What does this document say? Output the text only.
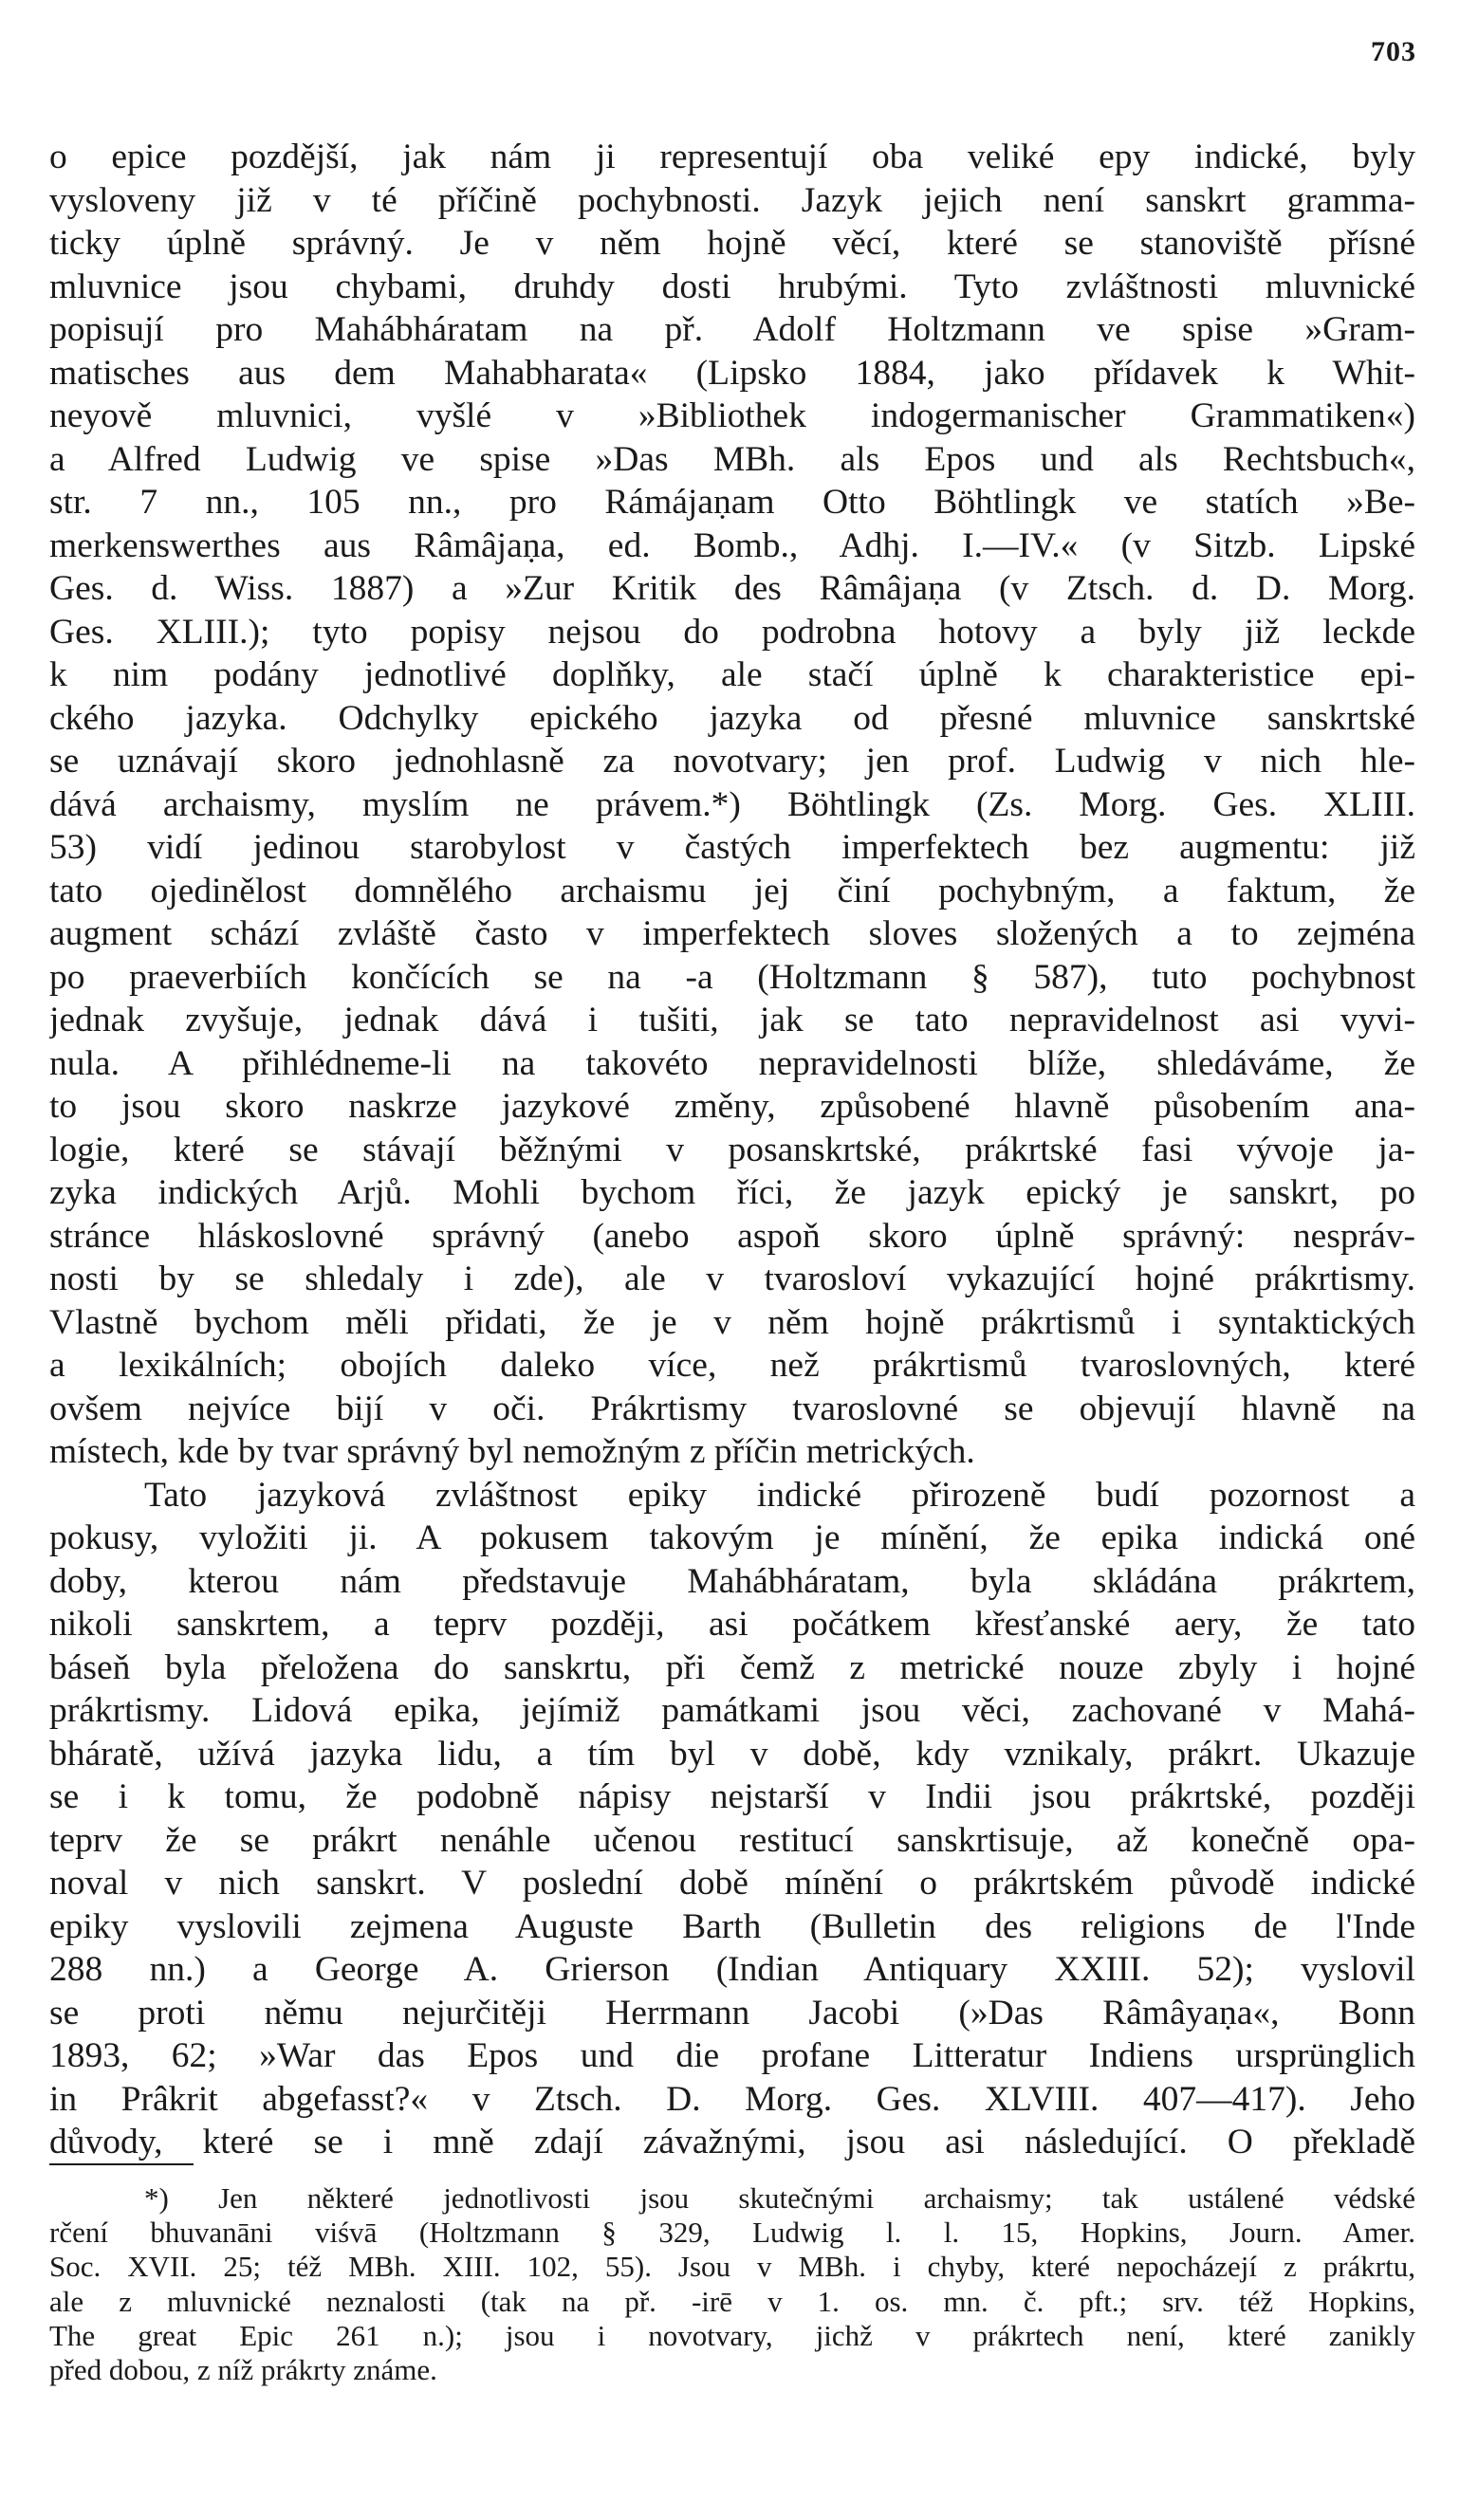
703
o epice pozdější, jak nám ji representují oba veliké epy indické, byly
vysloveny již v té příčině pochybnosti. Jazyk jejich není sanskrt gramma-
ticky úplně správný. Je v něm hojně věcí, které se stanoviště přísné
mluvnice jsou chybami, druhdy dosti hrubými. Tyto zvláštnosti mluvnické
popisují pro Mahábháratam na př. Adolf Holtzmann ve spise »Gram-
matisches aus dem Mahabharata« (Lipsko 1884, jako přídavek k Whit-
neyově mluvnici, vyšlé v »Bibliothek indogermanischer Grammatiken«)
a Alfred Ludwig ve spise »Das MBh. als Epos und als Rechtsbuch«,
str. 7 nn., 105 nn., pro Rámájaṇam Otto Böhtlingk ve statích »Be-
merkenswerthes aus Râmâjaṇa, ed. Bomb., Adhj. I.—IV.« (v Sitzb. Lipské
Ges. d. Wiss. 1887) a »Zur Kritik des Râmâjaṇa (v Ztsch. d. D. Morg.
Ges. XLIII.); tyto popisy nejsou do podrobna hotovy a byly již leckde
k nim podány jednotlivé doplňky, ale stačí úplně k charakteristice epi-
ckého jazyka. Odchylky epického jazyka od přesné mluvnice sanskrtské
se uznávají skoro jednohlasně za novotvary; jen prof. Ludwig v nich hle-
dává archaismy, myslím ne právem.*) Böhtlingk (Zs. Morg. Ges. XLIII.
53) vidí jedinou starobylost v častých imperfektech bez augmentu: již
tato ojedinělost domnělého archaismu jej činí pochybným, a faktum, že
augment schází zvláště často v imperfektech sloves složených a to zejména
po praeverbiích končících se na -a (Holtzmann § 587), tuto pochybnost
jednak zvyšuje, jednak dává i tušiti, jak se tato nepravidelnost asi vyvi-
nula. A přihlédneme-li na takovéto nepravidelnosti blíže, shledáváme, že
to jsou skoro naskrze jazykové změny, způsobené hlavně působením ana-
logie, které se stávají běžnými v posanskrtské, prákrtské fasi vývoje ja-
zyka indických Arjů. Mohli bychom říci, že jazyk epický je sanskrt, po
stránce hláskoslovné správný (anebo aspoň skoro úplně správný: nespráv-
nosti by se shledaly i zde), ale v tvarosloví vykazující hojné prákrtismy.
Vlastně bychom měli přidati, že je v něm hojně prákrtismů i syntaktických
a lexikálních; obojích daleko více, než prákrtismů tvaroslovných, které
ovšem nejvíce bijí v oči. Prákrtismy tvaroslovné se objevují hlavně na
místech, kde by tvar správný byl nemožným z příčin metrických.
Tato jazyková zvláštnost epiky indické přirozeně budí pozornost a
pokusy, vyložiti ji. A pokusem takovým je mínění, že epika indická oné
doby, kterou nám představuje Mahábháratam, byla skládána prákrtem,
nikoli sanskrtem, a teprv později, asi počátkem křesťanské aery, že tato
báseň byla přeložena do sanskrtu, při čemž z metrické nouze zbyly i hojné
prákrtismy. Lidová epika, jejímiž památkami jsou věci, zachované v Mahá-
bháratě, užívá jazyka lidu, a tím byl v době, kdy vznikaly, prákrt. Ukazuje
se i k tomu, že podobně nápisy nejstarší v Indii jsou prákrtské, později
teprv že se prákrt nenáhle učenou restitucí sanskrtisuje, až konečně opa-
noval v nich sanskrt. V poslední době mínění o prákrtském původě indické
epiky vyslovili zejmena Auguste Barth (Bulletin des religions de l'Inde
288 nn.) a George A. Grierson (Indian Antiquary XXIII. 52); vyslovil
se proti němu nejurčitěji Herrmann Jacobi (»Das Râmâyaṇa«, Bonn
1893, 62; »War das Epos und die profane Litteratur Indiens ursprünglich
in Prâkrit abgefasst?« v Ztsch. D. Morg. Ges. XLVIII. 407—417). Jeho
důvody, které se i mně zdají závažnými, jsou asi následující. O překladě
*) Jen některé jednotlivosti jsou skutečnými archaismy; tak ustálené védské
rčení bhuvanāni viśvā (Holtzmann § 329, Ludwig l. l. 15, Hopkins, Journ. Amer.
Soc. XVII. 25; též MBh. XIII. 102, 55). Jsou v MBh. i chyby, které nepocházejí z prákrtu,
ale z mluvnické neznalosti (tak na př. -irē v 1. os. mn. č. pft.; srv. též Hopkins,
The great Epic 261 n.); jsou i novotvary, jichž v prákrtech není, které zanikly
před dobou, z níž prákrty známe.
